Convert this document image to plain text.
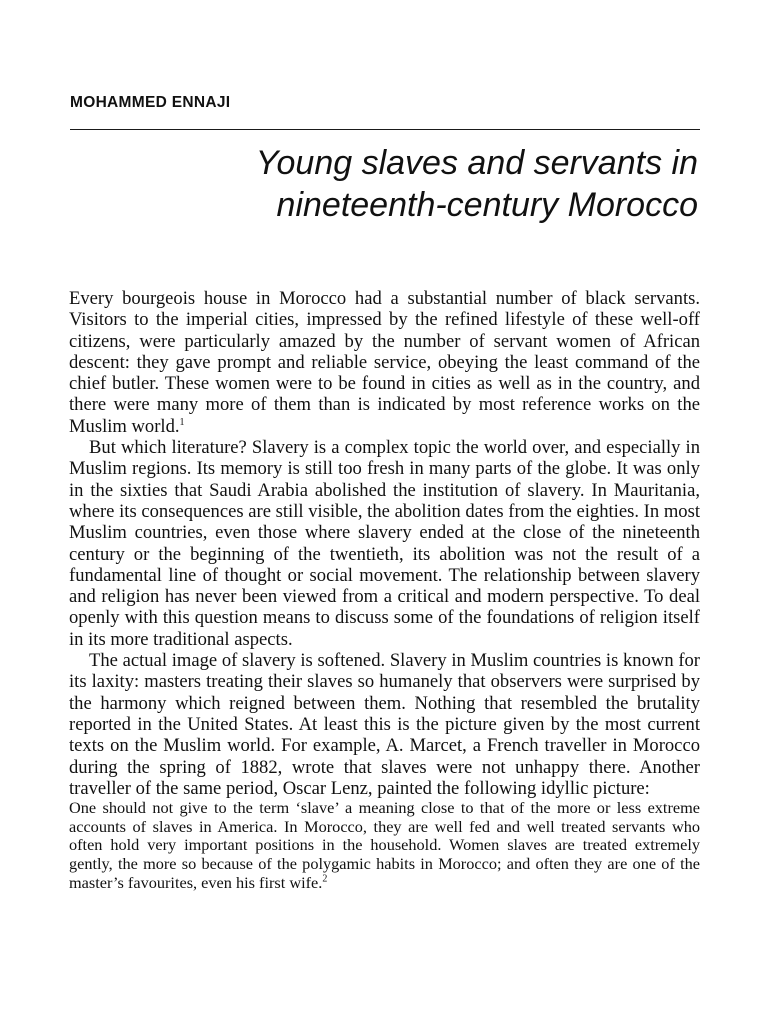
MOHAMMED ENNAJI

Young slaves and servants in
nineteenth-century Morocco

Every bourgeois house in Morocco had a substantial number of black servants. Visitors to the imperial cities, impressed by the refined lifestyle of these well-off citizens, were particularly amazed by the number of servant women of African descent: they gave prompt and reliable service, obeying the least command of the chief butler. These women were to be found in cities as well as in the country, and there were many more of them than is indicated by most reference works on the Muslim world.$^1$

But which literature? Slavery is a complex topic the world over, and especially in Muslim regions. Its memory is still too fresh in many parts of the globe. It was only in the sixties that Saudi Arabia abolished the institution of slavery. In Mauritania, where its consequences are still visible, the abolition dates from the eighties. In most Muslim countries, even those where slavery ended at the close of the nineteenth century or the beginning of the twentieth, its abolition was not the result of a fundamental line of thought or social movement. The relationship between slavery and religion has never been viewed from a critical and modern perspective. To deal openly with this question means to discuss some of the foundations of religion itself in its more traditional aspects.

The actual image of slavery is softened. Slavery in Muslim countries is known for its laxity: masters treating their slaves so humanely that observers were surprised by the harmony which reigned between them. Nothing that resembled the brutality reported in the United States. At least this is the picture given by the most current texts on the Muslim world. For example, A. Marcet, a French traveller in Morocco during the spring of 1882, wrote that slaves were not unhappy there. Another traveller of the same period, Oscar Lenz, painted the following idyllic picture:

One should not give to the term ‘slave’ a meaning close to that of the more or less extreme accounts of slaves in America. In Morocco, they are well fed and well treated servants who often hold very important positions in the household. Women slaves are treated extremely gently, the more so because of the polygamic habits in Morocco; and often they are one of the master’s favourites, even his first wife.$^2$
